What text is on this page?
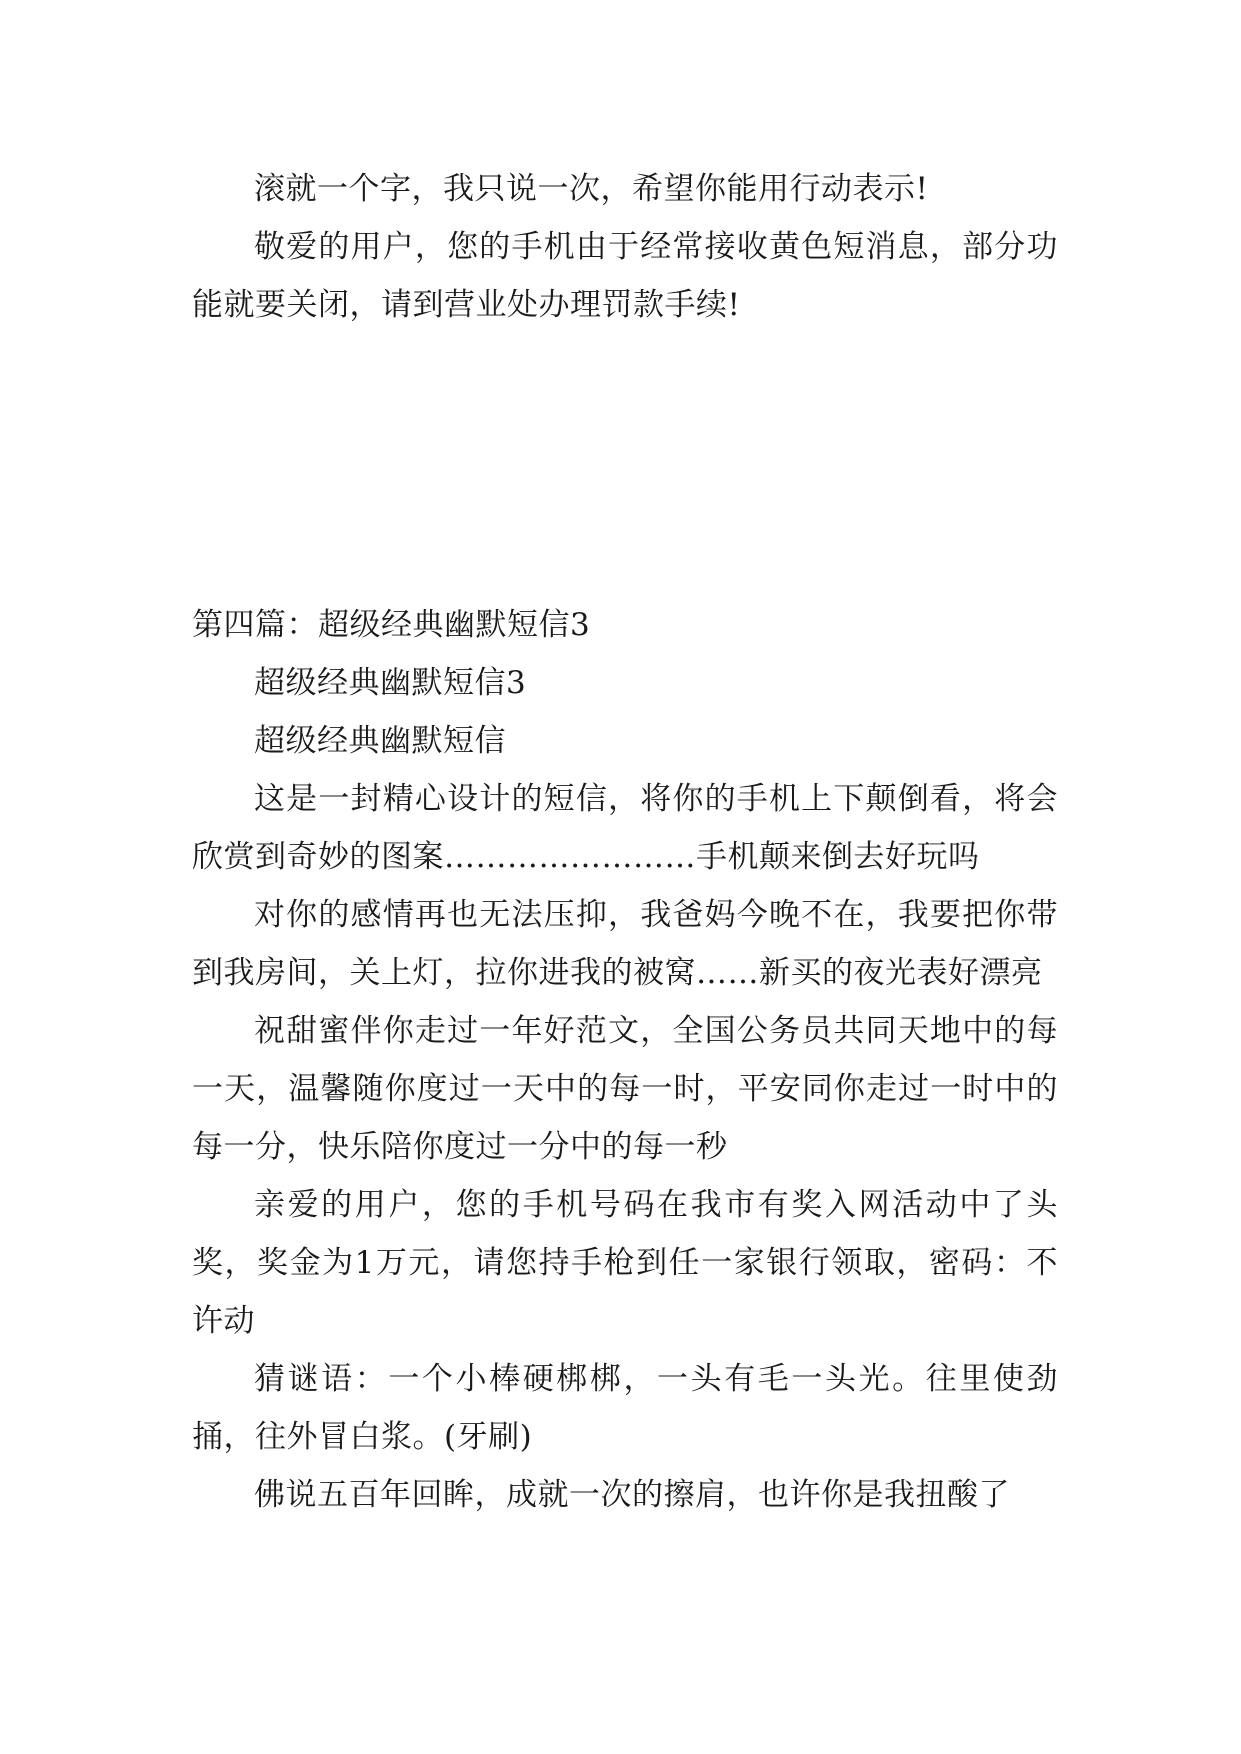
滚就一个字，我只说一次，希望你能用行动表示!

敬爱的用户，您的手机由于经常接收黄色短消息，部分功能就要关闭，请到营业处办理罚款手续!

第四篇：超级经典幽默短信3

超级经典幽默短信3

超级经典幽默短信

这是一封精心设计的短信，将你的手机上下颠倒看，将会欣赏到奇妙的图案……………………手机颠来倒去好玩吗

对你的感情再也无法压抑，我爸妈今晚不在，我要把你带到我房间，关上灯，拉你进我的被窝……新买的夜光表好漂亮

祝甜蜜伴你走过一年好范文，全国公务员共同天地中的每一天，温馨随你度过一天中的每一时，平安同你走过一时中的每一分，快乐陪你度过一分中的每一秒

亲爱的用户，您的手机号码在我市有奖入网活动中了头奖，奖金为1万元，请您持手枪到任一家银行领取，密码：不许动

猜谜语：一个小棒硬梆梆，一头有毛一头光。往里使劲捅，往外冒白浆。(牙刷)

佛说五百年回眸，成就一次的擦肩，也许你是我扭酸了
